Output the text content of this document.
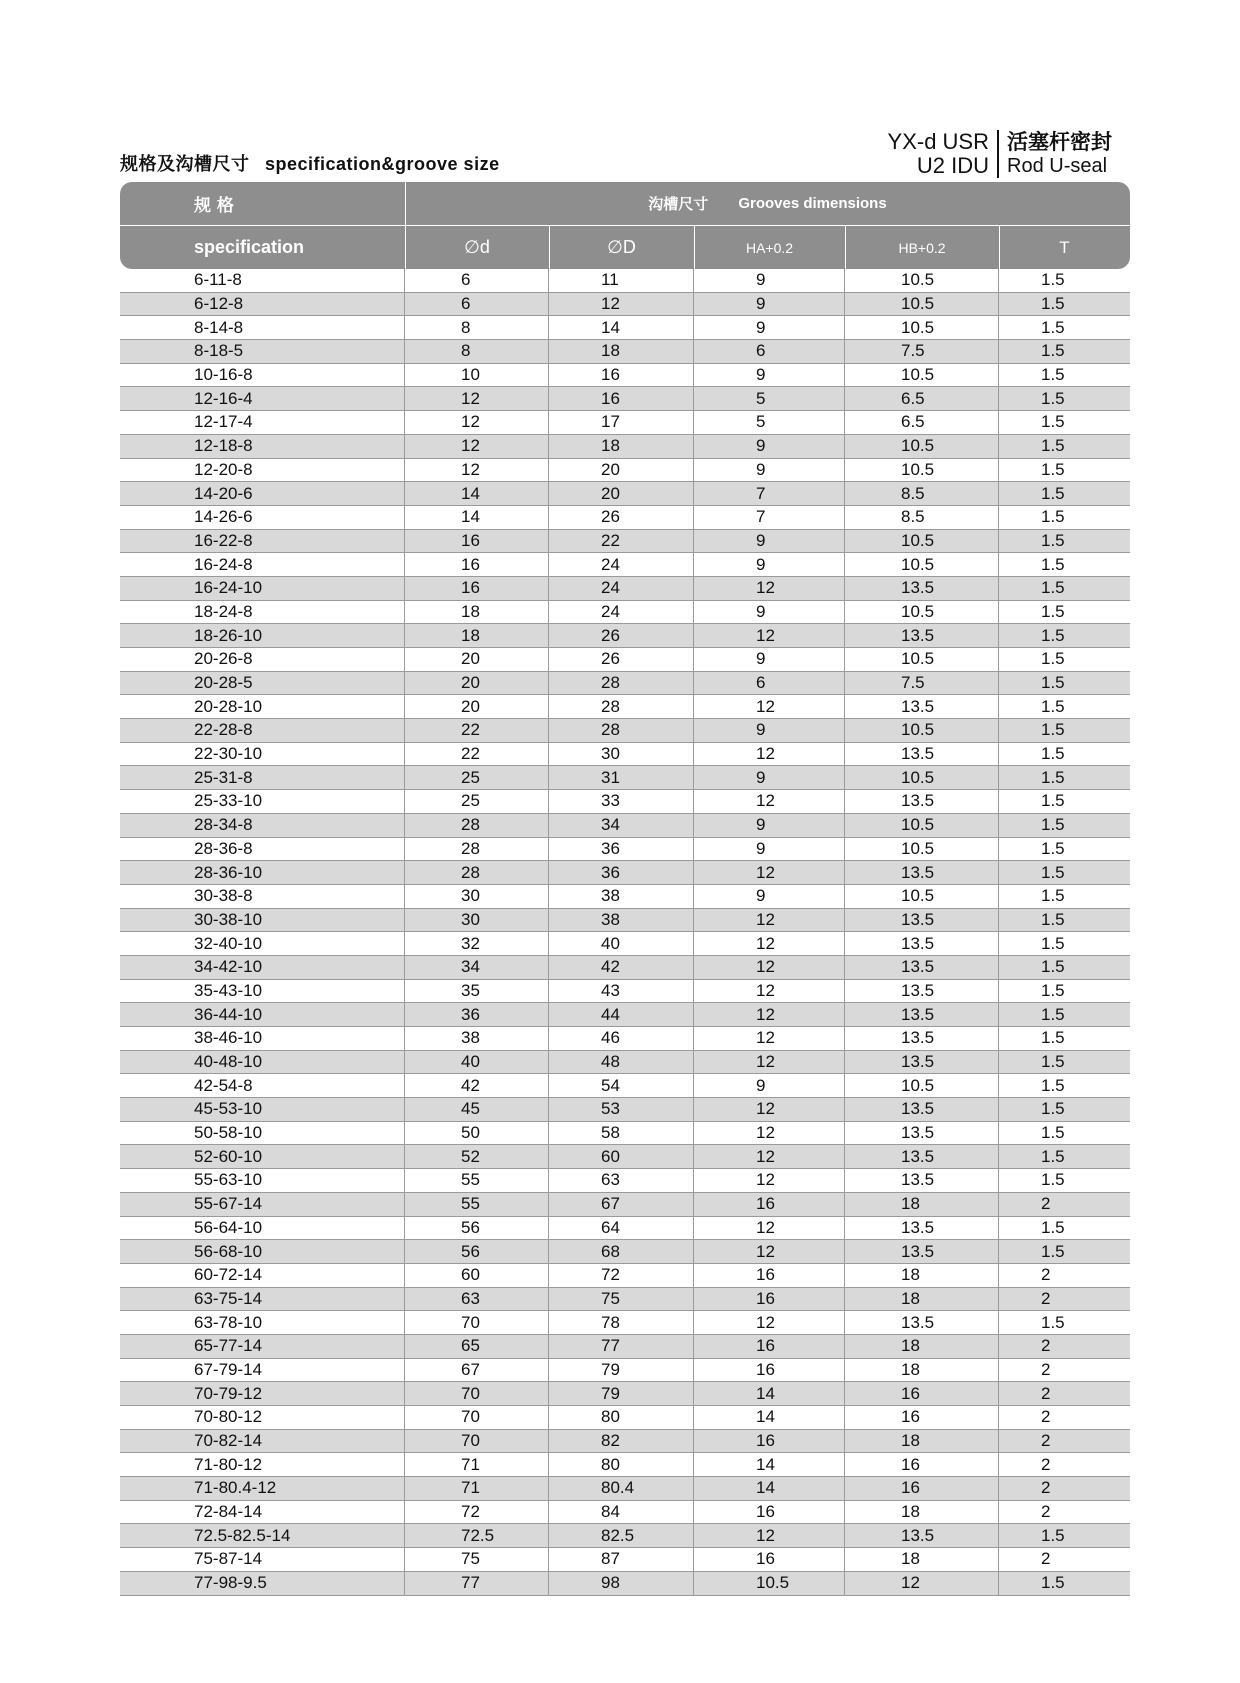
规格及沟槽尺寸 specification&groove size
YX-d USR
U2 IDU
活塞杆密封
Rod U-seal
规 格	沟槽尺寸 Grooves dimensions
specification	∅d	∅D	HA+0.2	HB+0.2	T
6-11-8	6	11	9	10.5	1.5
6-12-8	6	12	9	10.5	1.5
8-14-8	8	14	9	10.5	1.5
8-18-5	8	18	6	7.5	1.5
10-16-8	10	16	9	10.5	1.5
12-16-4	12	16	5	6.5	1.5
12-17-4	12	17	5	6.5	1.5
12-18-8	12	18	9	10.5	1.5
12-20-8	12	20	9	10.5	1.5
14-20-6	14	20	7	8.5	1.5
14-26-6	14	26	7	8.5	1.5
16-22-8	16	22	9	10.5	1.5
16-24-8	16	24	9	10.5	1.5
16-24-10	16	24	12	13.5	1.5
18-24-8	18	24	9	10.5	1.5
18-26-10	18	26	12	13.5	1.5
20-26-8	20	26	9	10.5	1.5
20-28-5	20	28	6	7.5	1.5
20-28-10	20	28	12	13.5	1.5
22-28-8	22	28	9	10.5	1.5
22-30-10	22	30	12	13.5	1.5
25-31-8	25	31	9	10.5	1.5
25-33-10	25	33	12	13.5	1.5
28-34-8	28	34	9	10.5	1.5
28-36-8	28	36	9	10.5	1.5
28-36-10	28	36	12	13.5	1.5
30-38-8	30	38	9	10.5	1.5
30-38-10	30	38	12	13.5	1.5
32-40-10	32	40	12	13.5	1.5
34-42-10	34	42	12	13.5	1.5
35-43-10	35	43	12	13.5	1.5
36-44-10	36	44	12	13.5	1.5
38-46-10	38	46	12	13.5	1.5
40-48-10	40	48	12	13.5	1.5
42-54-8	42	54	9	10.5	1.5
45-53-10	45	53	12	13.5	1.5
50-58-10	50	58	12	13.5	1.5
52-60-10	52	60	12	13.5	1.5
55-63-10	55	63	12	13.5	1.5
55-67-14	55	67	16	18	2
56-64-10	56	64	12	13.5	1.5
56-68-10	56	68	12	13.5	1.5
60-72-14	60	72	16	18	2
63-75-14	63	75	16	18	2
63-78-10	70	78	12	13.5	1.5
65-77-14	65	77	16	18	2
67-79-14	67	79	16	18	2
70-79-12	70	79	14	16	2
70-80-12	70	80	14	16	2
70-82-14	70	82	16	18	2
71-80-12	71	80	14	16	2
71-80.4-12	71	80.4	14	16	2
72-84-14	72	84	16	18	2
72.5-82.5-14	72.5	82.5	12	13.5	1.5
75-87-14	75	87	16	18	2
77-98-9.5	77	98	10.5	12	1.5
